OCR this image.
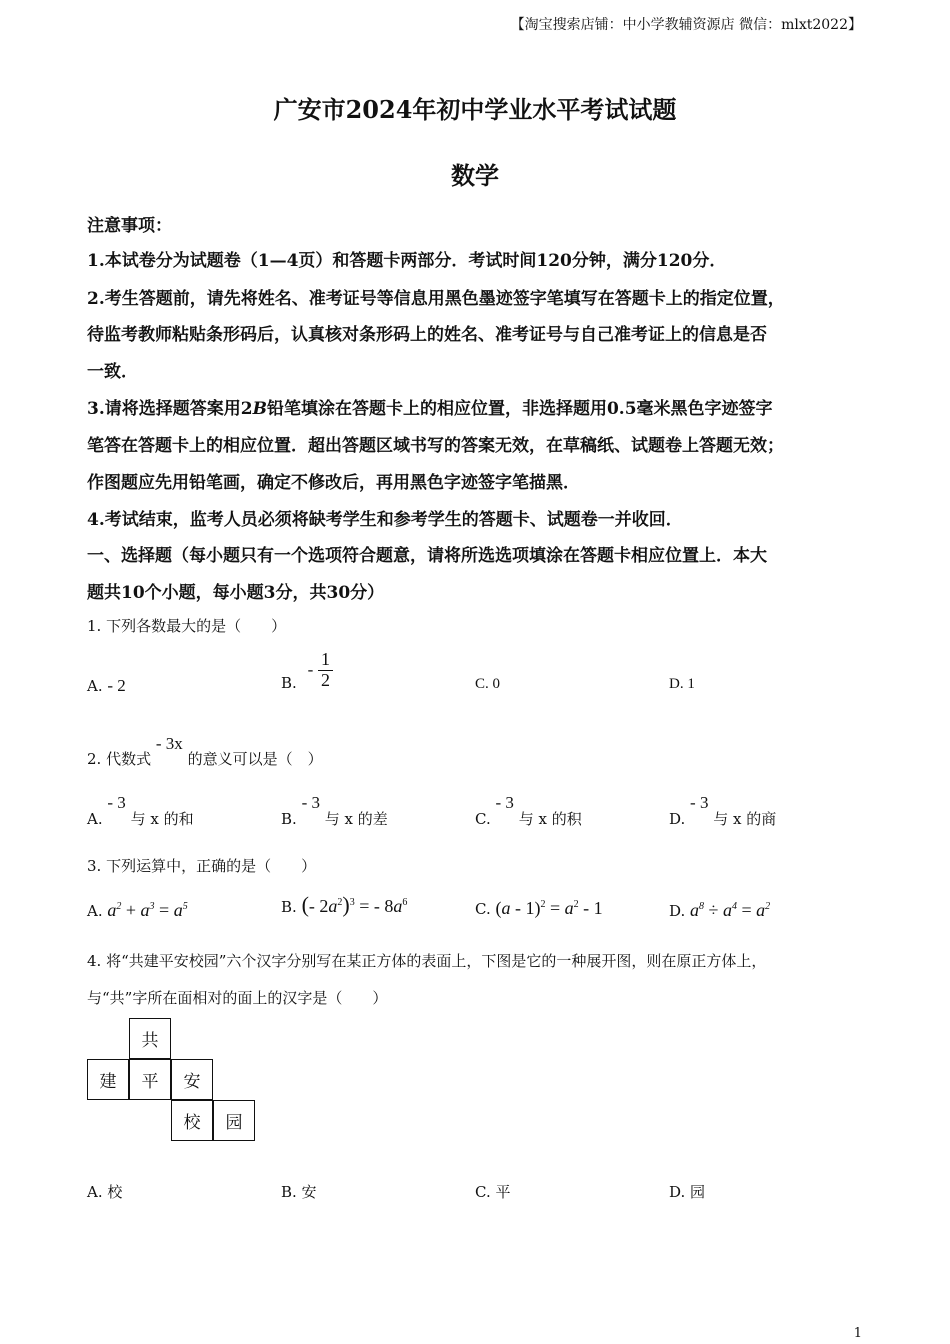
【淘宝搜索店铺：中小学教辅资源店 微信：mlxt2022】
广安市2024年初中学业水平考试试题
数学
注意事项：
1.本试卷分为试题卷（1—4页）和答题卡两部分．考试时间120分钟，满分120分．
2.考生答题前，请先将姓名、准考证号等信息用黑色墨迹签字笔填写在答题卡上的指定位置，
待监考教师粘贴条形码后，认真核对条形码上的姓名、准考证号与自己准考证上的信息是否
一致．
3.请将选择题答案用2B铅笔填涂在答题卡上的相应位置，非选择题用0.5毫米黑色字迹签字
笔答在答题卡上的相应位置．超出答题区域书写的答案无效，在草稿纸、试题卷上答题无效；
作图题应先用铅笔画，确定不修改后，再用黑色字迹签字笔描黑．
4.考试结束，监考人员必须将缺考学生和参考学生的答题卡、试题卷一并收回．
一、选择题（每小题只有一个选项符合题意，请将所选选项填涂在答题卡相应位置上．本大
题共10个小题，每小题3分，共30分）
1. 下列各数最大的是（　　）
A. - 2	B. - $\frac{1}{2}$	C. 0	D. 1
2. 代数式 - 3x 的意义可以是（　）
A. - 3 与 x 的和	B. - 3 与 x 的差	C. - 3 与 x 的积	D. - 3 与 x 的商
3. 下列运算中，正确的是（　　）
A. $a^2 + a^3 = a^5$	B. (- $2a^2)^3$ = - $8a^6$	C. $(a - 1)^2 = a^2 - 1$	D. $a^8 \div a^4 = a^2$
4. 将“共建平安校园”六个汉字分别写在某正方体的表面上，下图是它的一种展开图，则在原正方体上，
与“共”字所在面相对的面上的汉字是（　　）
共
建	平	安
校	园
A. 校	B. 安	C. 平	D. 园
1
